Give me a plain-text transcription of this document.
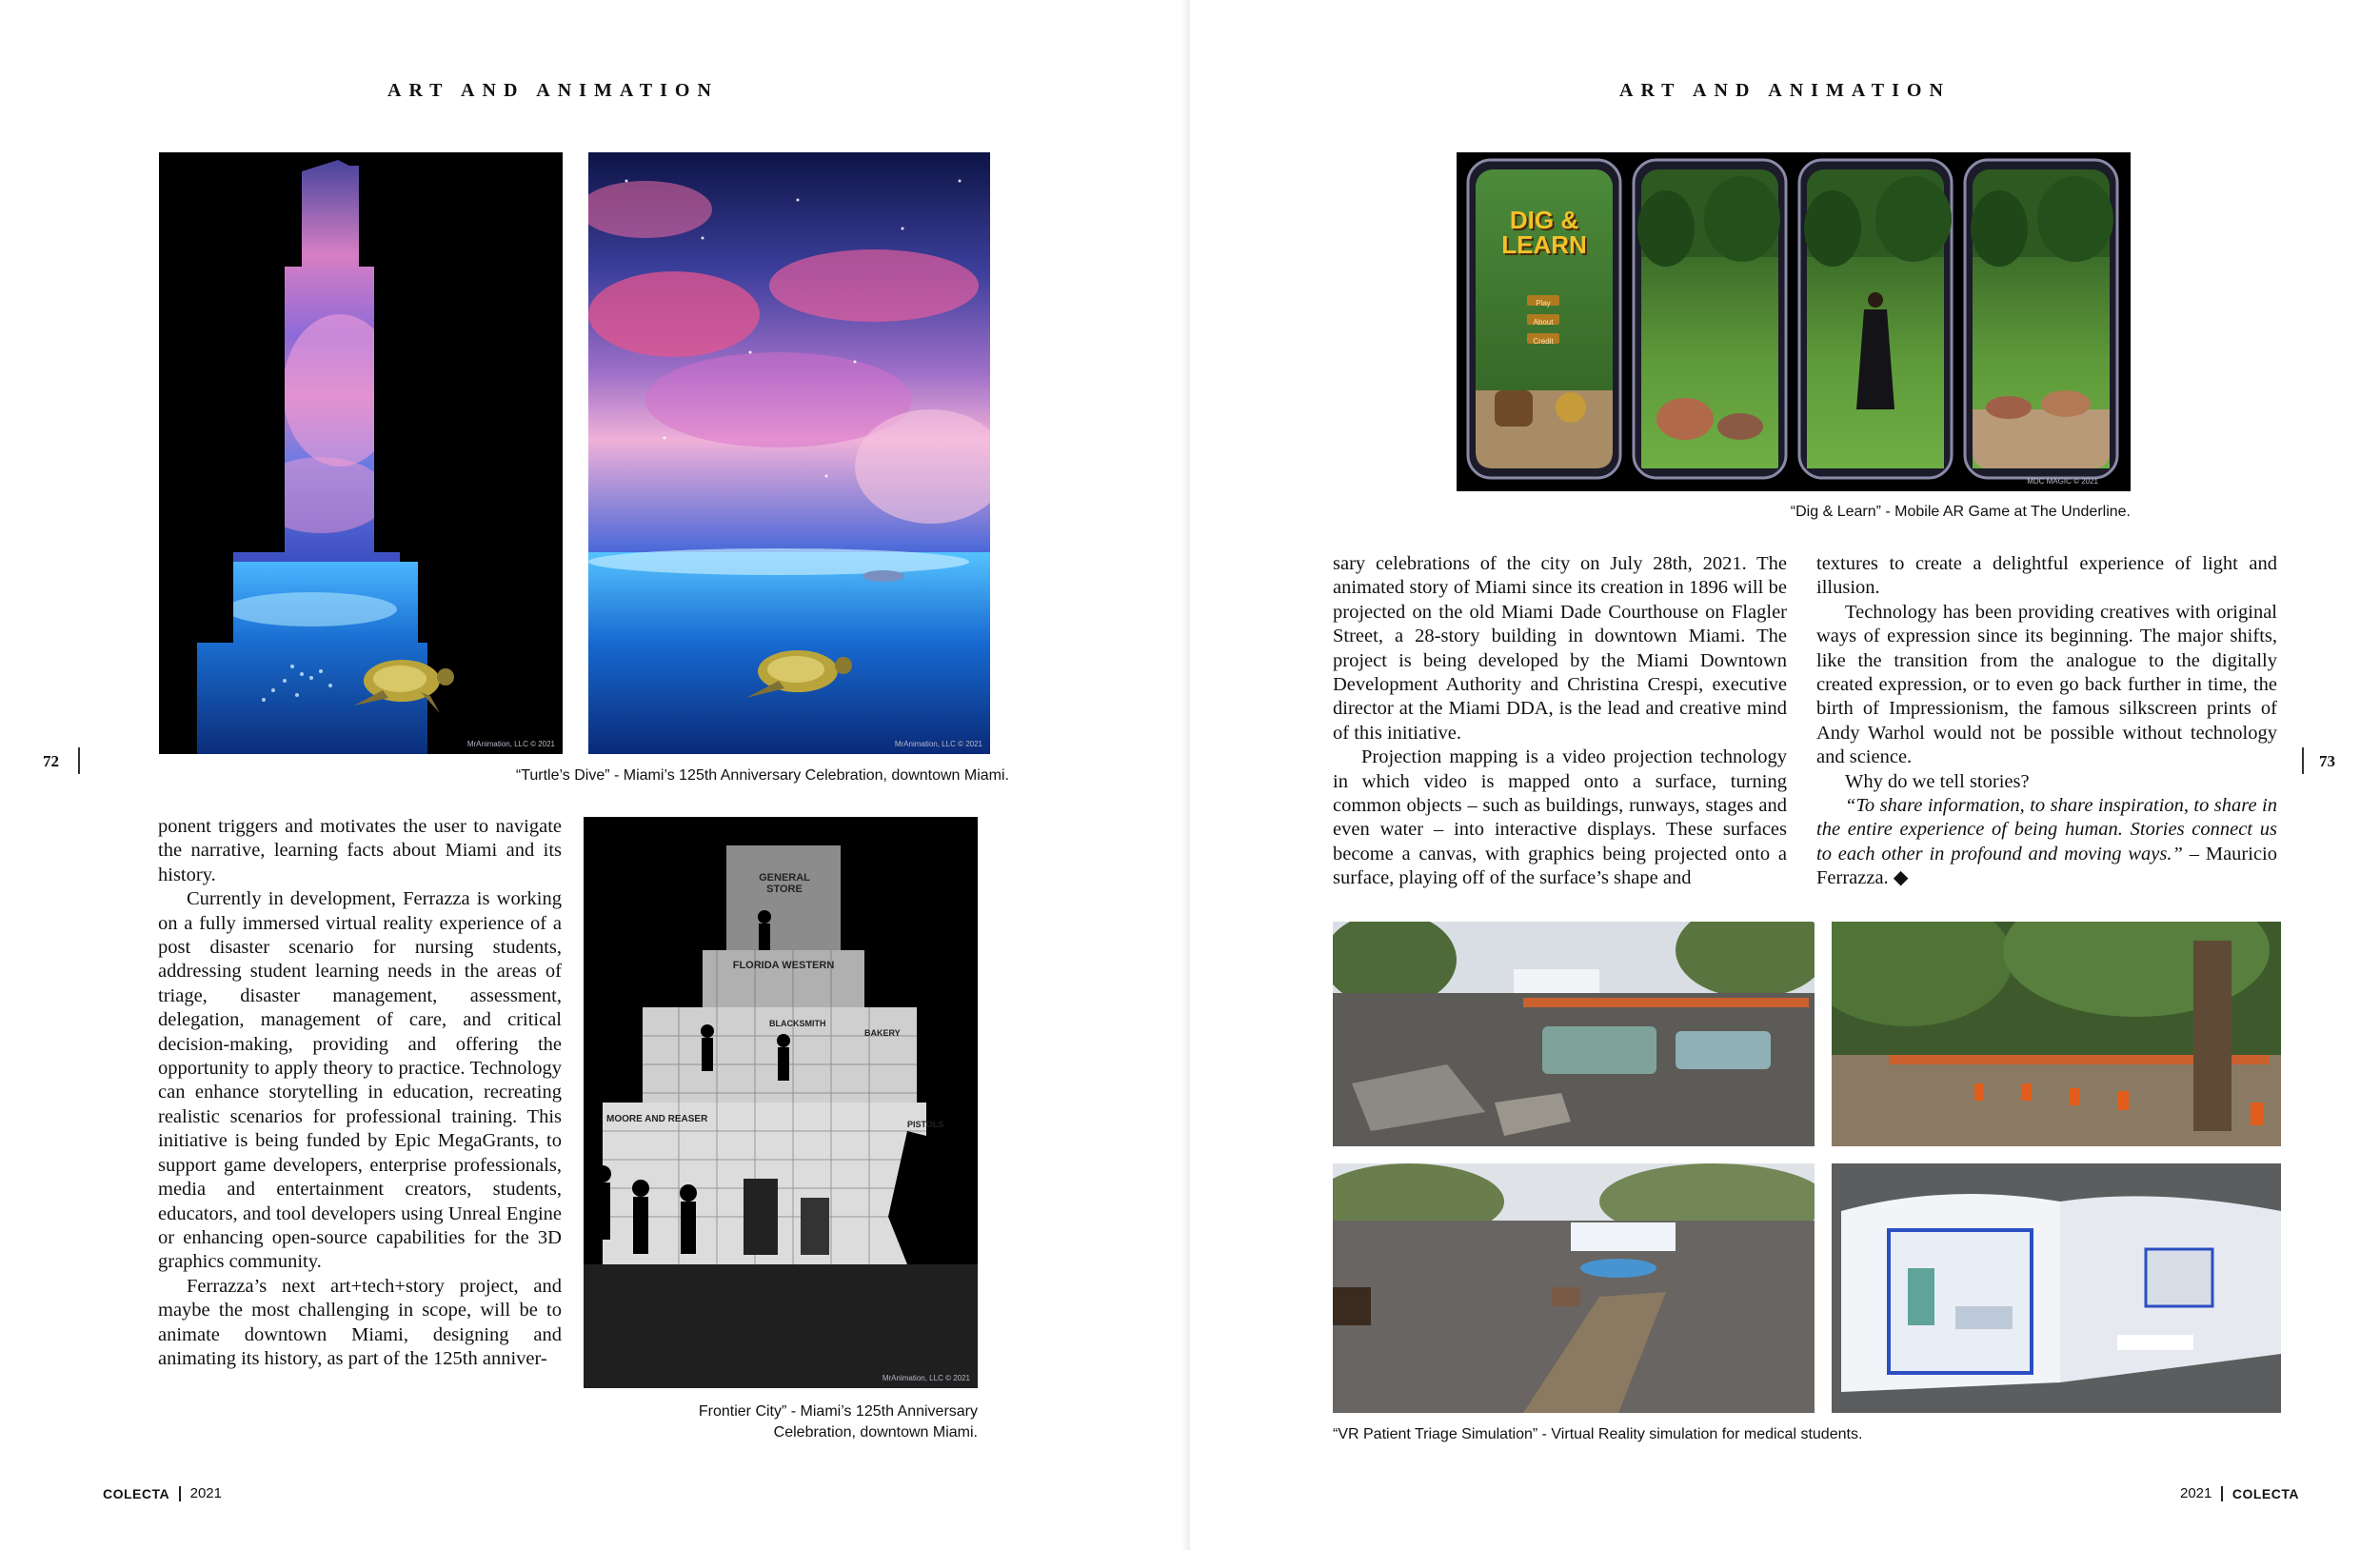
ART AND ANIMATION
MrAnimation, LLC © 2021	MrAnimation, LLC © 2021
“Turtle’s Dive” - Miami’s 125th Anniversary Celebration, downtown Miami.
72

ponent triggers and motivates the user to navigate the narrative, learning facts about Miami and its history.

Currently in development, Ferrazza is working on a fully immersed virtual reality experience of a post disaster scenario for nursing students, addressing student learning needs in the areas of triage, disaster management, assessment, delegation, management of care, and critical decision-making, providing and offering the opportunity to apply theory to practice. Technology can enhance storytelling in education, recreating realistic scenarios for professional training. This initiative is being funded by Epic MegaGrants, to support game developers, enterprise professionals, media and entertainment creators, students, educators, and tool developers using Unreal Engine or enhancing open-source capabilities for the 3D graphics community.

Ferrazza’s next art+tech+story project, and maybe the most challenging in scope, will be to animate downtown Miami, designing and animating its history, as part of the 125th anniver-

GENERAL STORE
FLORIDA WESTERN
BLACKSMITH
BAKERY
MOORE AND REASER	PISTOLS
MrAnimation, LLC © 2021
Frontier City” - Miami’s 125th Anniversary
Celebration, downtown Miami.
COLECTA 2021
ART AND ANIMATION
DIG &
LEARN
Play
About
Credit
MDC MAGIC © 2021
“Dig & Learn” - Mobile AR Game at The Underline.
73

sary celebrations of the city on July 28th, 2021. The animated story of Miami since its creation in 1896 will be projected on the old Miami Dade Courthouse on Flagler Street, a 28-story building in downtown Miami. The project is being developed by the Miami Downtown Development Authority and Christina Crespi, executive director at the Miami DDA, is the lead and creative mind of this initiative.

Projection mapping is a video projection technology in which video is mapped onto a surface, turning common objects – such as buildings, runways, stages and even water – into interactive displays. These surfaces become a canvas, with graphics being projected onto a surface, playing off of the surface’s shape and

textures to create a delightful experience of light and illusion.

Technology has been providing creatives with original ways of expression since its beginning. The major shifts, like the transition from the analogue to the digitally created expression, or to even go back further in time, the birth of Impressionism, the famous silkscreen prints of Andy Warhol would not be possible without technology and science.

Why do we tell stories?

“To share information, to share inspiration, to share in the entire experience of being human. Stories connect us to each other in profound and moving ways.” – Mauricio Ferrazza. ◆

“VR Patient Triage Simulation” - Virtual Reality simulation for medical students.
2021 COLECTA
